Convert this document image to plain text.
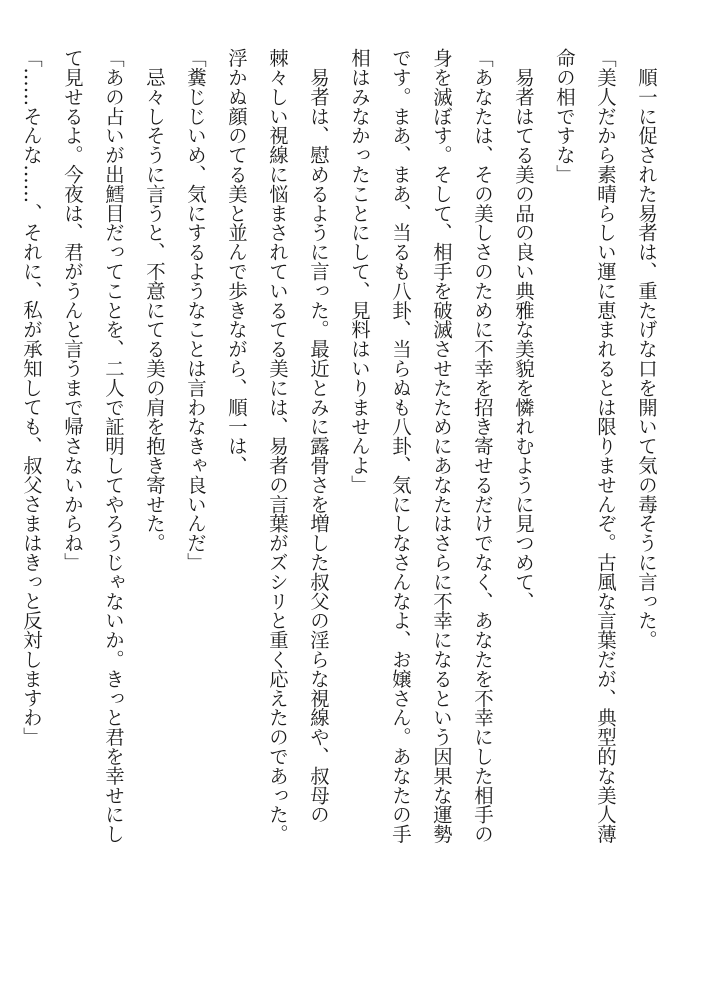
　順一に促された易者は、重たげな口を開いて気の毒そうに言った。

「美人だから素晴らしい運に恵まれるとは限りませんぞ。古風な言葉だが、典型的な美人薄

命の相ですな」

　易者はてる美の品の良い典雅な美貌を憐れむように見つめて、

「あなたは、その美しさのために不幸を招き寄せるだけでなく、あなたを不幸にした相手の

身を滅ぼす。そして、相手を破滅させたためにあなたはさらに不幸になるという因果な運勢

です。まあ、まあ、当るも八卦、当らぬも八卦、気にしなさんなよ、お嬢さん。あなたの手

相はみなかったことにして、見料はいりませんよ」

　易者は、慰めるように言った。最近とみに露骨さを増した叔父の淫らな視線や、叔母の

棘々しい視線に悩まされているてる美には、易者の言葉がズシリと重く応えたのであった。

浮かぬ顔のてる美と並んで歩きながら、順一は、

「糞じじいめ、気にするようなことは言わなきゃ良いんだ」

　忌々しそうに言うと、不意にてる美の肩を抱き寄せた。

「あの占いが出鱈目だってことを、二人で証明してやろうじゃないか。きっと君を幸せにし

て見せるよ。今夜は、君がうんと言うまで帰さないからね」

「……そんな……、それに、私が承知しても、叔父さまはきっと反対しますわ」
